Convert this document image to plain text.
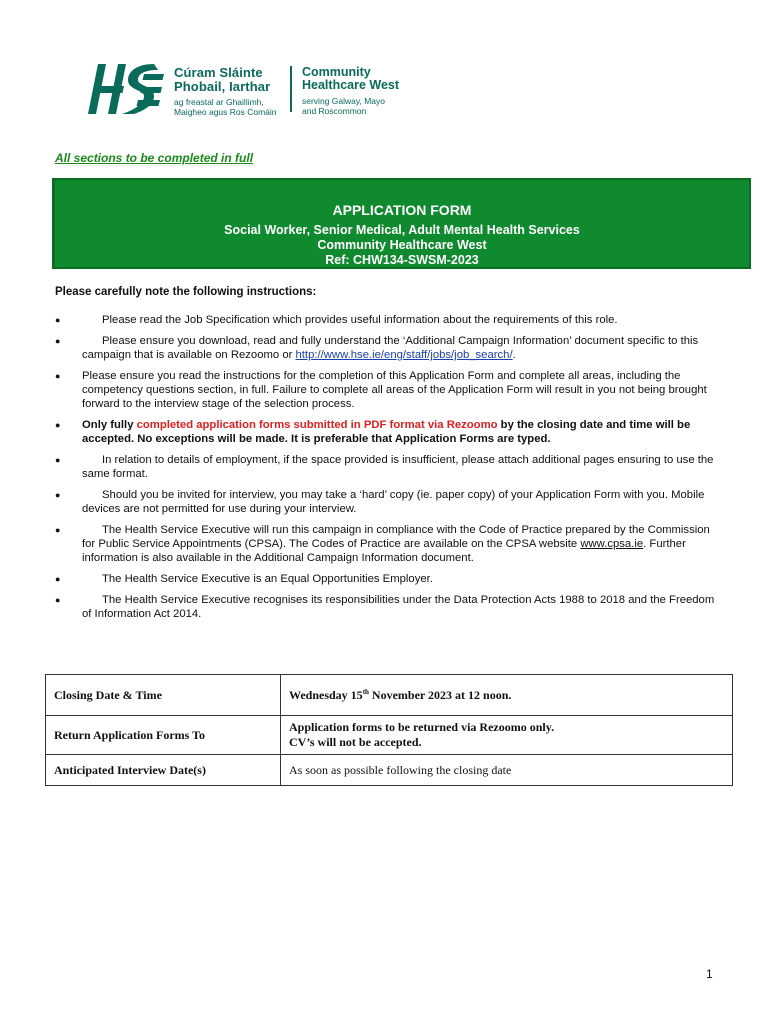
Cúram Sláinte
Phobail, Iarthar
ag freastal ar Ghaillimh,
Maigheo agus Ros Comáin
Community
Healthcare West
serving Galway, Mayo
and Roscommon
All sections to be completed in full
APPLICATION FORM
Social Worker, Senior Medical, Adult Mental Health Services
Community Healthcare West
Ref: CHW134-SWSM-2023
Please carefully note the following instructions:
●	Please read the Job Specification which provides useful information about the requirements of this role.
●	Please ensure you download, read and fully understand the ‘Additional Campaign Information’ document specific to this campaign that is available on Rezoomo or http://www.hse.ie/eng/staff/jobs/job_search/.
● Please ensure you read the instructions for the completion of this Application Form and complete all areas, including the competency questions section, in full. Failure to complete all areas of the Application Form will result in you not being brought forward to the interview stage of the selection process.
● Only fully completed application forms submitted in PDF format via Rezoomo by the closing date and time will be accepted. No exceptions will be made. It is preferable that Application Forms are typed.
●	In relation to details of employment, if the space provided is insufficient, please attach additional pages ensuring to use the same format.
●	Should you be invited for interview, you may take a ‘hard’ copy (ie. paper copy) of your Application Form with you. Mobile devices are not permitted for use during your interview.
●	The Health Service Executive will run this campaign in compliance with the Code of Practice prepared by the Commission for Public Service Appointments (CPSA). The Codes of Practice are available on the CPSA website www.cpsa.ie. Further information is also available in the Additional Campaign Information document.
●	The Health Service Executive is an Equal Opportunities Employer.
●	The Health Service Executive recognises its responsibilities under the Data Protection Acts 1988 to 2018 and the Freedom of Information Act 2014.
Closing Date & Time	Wednesday 15th November 2023 at 12 noon.
Return Application Forms To	Application forms to be returned via Rezoomo only.
CV’s will not be accepted.

Anticipated Interview Date(s)	As soon as possible following the closing date
1
